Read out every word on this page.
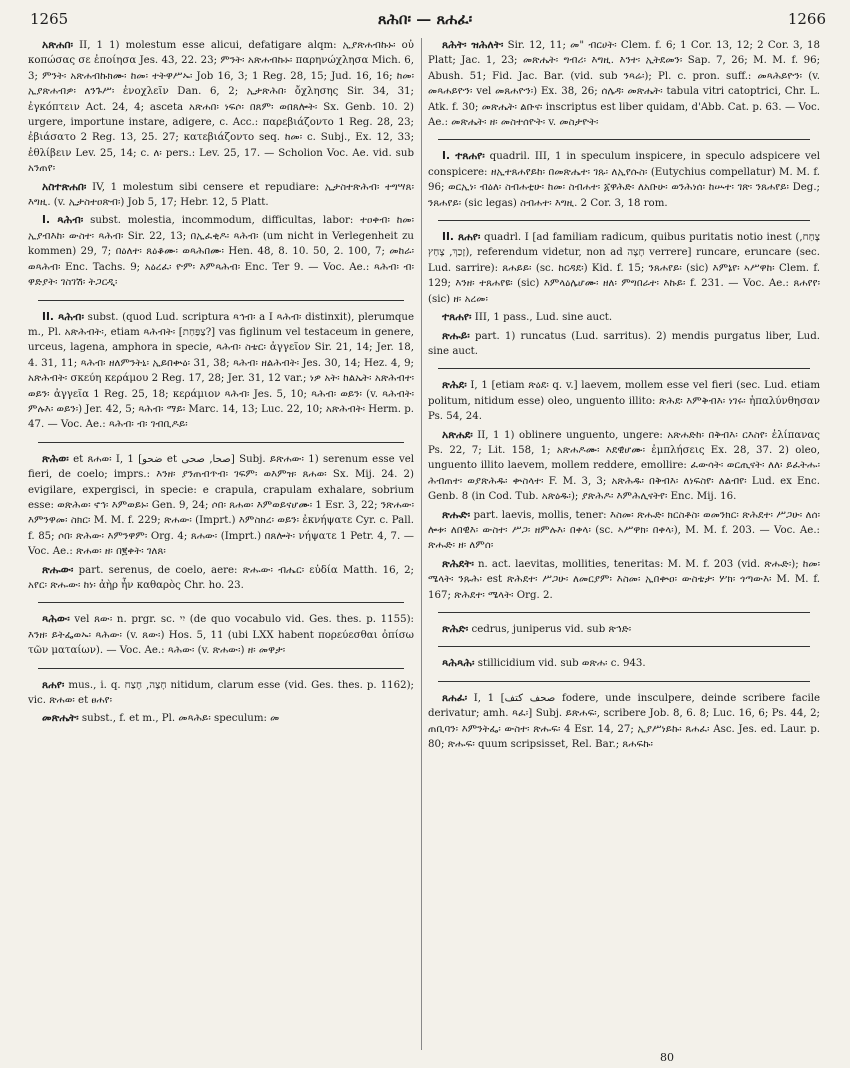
1265	ጸሕበ፡ — ጸሐፈ፡	1266

አጽሐበ፡ II, 1 1) molestum esse alicui, defatigare alqm: ኢያጽሐብኩኑ፡ οὐ κοπώσας σε ἐποίησα Jes. 43, 22. 23; ምንት፡ አጽሐብኩኑ፡ παρηνώχλησα Mich. 6, 3; ምንት፡ አጽሐብኩክሙ፡ ከመ፡ ተትዋሥኡ፡ Job 16, 3; 1 Reg. 28, 15; Jud. 16, 16; ከመ፡ ኢያጽሐብዎ፡ ለንጉሥ፡ ἐνοχλεῖν Dan. 6, 2; ኢታጽሕበ፡ ὄχλησης Sir. 34, 31; ἐγκόπτειν Act. 24, 4; asceta አጽሐበ፡ ነፍሶ፡ በጸም፡ ወበጸሎት፡ Sx. Genb. 10. 2) urgere, importune instare, adigere, c. Acc.: παρεβιάζοντο 1 Reg. 28, 23; ἐβιάσατο 2 Reg. 13, 25. 27; κατεβιάζοντο seq. ከመ፡ c. Subj., Ex. 12, 33; ἐθλίβειν Lev. 25, 14; c. ለ፡ pers.: Lev. 25, 17. — Scholion Voc. Ae. vid. sub አንጠየ፡

አስተጽሐበ፡ IV, 1 molestum sibi censere et repudiare: ኢታስተጽሕብ፡ ተግሣጸ፡ እግዚ. (v. ኢታስተዐጽብ፡) Job 5, 17; Hebr. 12, 5 Platt.

I. ጻሕብ፡ subst. molestia, incommodum, difficultas, labor: ተዐቀብ፡ ከመ፡ ኢያብእከ፡ ውስተ፡ ጻሕብ፡ Sir. 22, 13; በኢፈቂዶ፡ ጻሕብ፡ (um nicht in Verlegenheit zu kommen) 29, 7; በዕለተ፡ ጸዕቆሙ፡ ወጻሕበሙ፡ Hen. 48, 8. 10. 50, 2. 100, 7; መከራ፡ ወጻሕብ፡ Enc. Tachs. 9; አዕረፈ፡ ዮም፡ እምጻሕብ፡ Enc. Ter 9. — Voc. Ae.: ጻሕብ፡ ብ፡ ዋድያት፡ ገስገሽ፡ ትጋርዲ፡

II. ጻሕብ፡ subst. (quod Lud. scriptura ጻኅብ፡ a I ጻሕብ፡ distinxit), plerumque m., Pl. አጽሕብት፡, etiam ጻሕብት፡ [צַפַּחַת?] vas figlinum vel testaceum in genere, urceus, lagena, amphora in specie, ጻሕብ፡ ስቴር፡ ἀγγεῖον Sir. 21, 14; Jer. 18, 4. 31, 11; ጻሕብ፡ ዘለምንትኒ፡ ኢይበቍዕ፡ 31, 38; ጻሕብ፡ ዘልሕብት፡ Jes. 30, 14; Hez. 4, 9; አጽሕብት፡ σκεύη κεράμου 2 Reg. 17, 28; Jer. 31, 12 var.; ነዎ አት፡ ከልኤት፡ አጽሕብተ፡ ወይን፡ ἀγγεῖα 1 Reg. 25, 18; κεράμιον ጻሕብ፡ Jes. 5, 10; ጻሕብ፡ ወይን፡ (v. ጻሕብት፡ ምሉእ፡ ወይን፡) Jer. 42, 5; ጻሕብ፡ ማይ፡ Marc. 14, 13; Luc. 22, 10; አጽሕብት፡ Herm. p. 47. — Voc. Ae.: ጻሕብ፡ ብ፡ ገብቢዶይ፡

ጽሕወ፡ et ጸሐወ፡ I, 1 [ضحو et صحا, صحی] Subj. ይጽሐው፡ 1) serenum esse vel fieri, de coelo; imprs.: እንዘ፡ ያንጠብጥብ፡ ገፍም፡ ወእምዝ፡ ጸሐወ፡ Sx. Mij. 24. 2) evigilare, expergisci, in specie: e crapula, crapulam exhalare, sobrium esse: ወጽሕወ፡ ኖኅ፡ እምወይኑ፡ Gen. 9, 24; ሶበ፡ ጸሐወ፡ እምወይናሆሙ፡ 1 Esr. 3, 22; ንጽሐው፡ እምንዋመ፡ ስክር፡ M. M. f. 229; ጽሐው፡ (Imprt.) እምስክረ፡ ወይን፡ ἐκνήψατε Cyr. c. Pall. f. 85; ሶበ፡ ጽሕው፡ እምንዋም፡ Org. 4; ጸሐው፡ (Imprt.) በጸሎት፡ νήψατε 1 Petr. 4, 7. — Voc. Ae.: ጽሐወ፡ ዘ፡ በ፪ቀት፡ ገለጸ፡

ጽሑው፡ part. serenus, de coelo, aere: ጽሑው፡ ብሔር፡ εὐδία Matth. 16, 2; አየር፡ ጽሑው፡ ከነ፡ ἀὴρ ἦν καθαρὸς Chr. ho. 23.

ጻሕው፡ vel ጸው፡ n. prgr. sc. יִי (de quo vocabulo vid. Ges. thes. p. 1155): እንዘ፡ ይትፌወኡ፡ ጻሕው፡ (v. ጸው፡) Hos. 5, 11 (ubi LXX habent πορεύεσθαι ὀπίσω τῶν ματαίων). — Voc. Ae.: ጻሕው፡ (v. ጽሐው፡) ዘ፡ መዋታ፡

ጸሐየ፡ mus., i. q. חָצָה, חָצַח nitidum, clarum esse (vid. Ges. thes. p. 1162); vic. ጽሐወ፡ et ፀሐየ፡

መጽሔት፡ subst., f. et m., Pl. መጻሕይ፡ speculum: መ

ጸሕት፡ ዝሕለት፡ Sir. 12, 11; መ" ብርሀት፡ Clem. f. 6; 1 Cor. 13, 12; 2 Cor. 3, 18 Platt; Jac. 1, 23; መጽሔት፡ ግብሪ፡ እግዚ. እንተ፡ ኢትደመን፡ Sap. 7, 26; M. M. f. 96; Abush. 51; Fid. Jac. Bar. (vid. sub ንጻሬ፡); Pl. c. pron. suff.: መጻሕይዮን፡ (v. መጻሐይዮን፡ vel መጸሐዮን፡) Ex. 38, 26; ሰሌዳ፡ መጽሔት፡ tabula vitri catoptrici, Chr. L. Atk. f. 30; መጽሔት፡ ልቡና፡ inscriptus est liber quidam, d'Abb. Cat. p. 63. — Voc. Ae.: መጽሔት፡ ዘ፡ መስተሰዮት፡ v. መስታዮት፡

I. ተጸሐየ፡ quadril. III, 1 in speculum inspicere, in speculo adspicere vel conspicere: ዘኢተጸሐየይከ፡ በመጽሔተ፡ ገጹ፡ ለኢየሱስ፡ (Eutychius compellatur) M. M. f. 96; ወርኢነ፡ ብዕለ፡ ስብሐቲሁ፡ ከመ፡ ስብሐተ፡ ፩ዋሕድ፡ ለአቡሁ፡ ወንሕነሰ፡ ከሡተ፡ ገጽ፡ ንጸሐየይ፡ Deg.; ንጸሐየይ፡ (sic legas) ስብሐተ፡ እግዚ. 2 Cor. 3, 18 rom.

II. ጸሐየ፡ quadrl. I [ad familiam radicum, quibus puritatis notio inest (צָחַח, זָכַךְ, צָחַץ), referendum videtur, non ad חָצָה verrere] runcare, eruncare (sec. Lud. sarrire): ጸሐይይ፡ (sc. ከርዳደ፡) Kid. f. 15; ንጸሐየይ፡ (sic) እምኔየ፡ ኣሥዋከ፡ Clem. f. 129; እንዘ፡ ተጸሐየዩ፡ (sic) እምላዕሌሆሙ፡ ዘለ፡ ምግበራተ፡ እኩይ፡ f. 231. — Voc. Ae.: ጸሐየየ፡ (sic) ዘ፡ አረመ፡

ተጸሐየ፡ III, 1 pass., Lud. sine auct.

ጽሑይ፡ part. 1) runcatus (Lud. sarritus). 2) mendis purgatus liber, Lud. sine auct.

ጽሕደ፡ I, 1 [etiam ጽዕደ፡ q. v.] laevem, mollem esse vel fieri (sec. Lud. etiam politum, nitidum esse) oleo, unguento illito: ጽሕደ፡ እምቅብእ፡ ነገሩ፡ ἡπαλύνθησαν Ps. 54, 24.

አጽሐደ፡ II, 1 1) oblinere unguento, ungere: አጽሐድከ፡ በቅብእ፡ ርእስየ፡ ἐλίπανας Ps. 22, 7; Lit. 158, 1; አጽሐዶሙ፡ እደዊሆሙ፡ ἐμπλήσεις Ex. 28, 37. 2) oleo, unguento illito laevem, mollem reddere, emollire: ፈውሳት፡ ወርጢናት፡ ለለ፡ ይፈትሑ፡ ሕብጠተ፡ ወያጽሕዱ፡ ቍስላተ፡ F. M. 3, 3; አጽሕዱ፡ በቅብእ፡ ለነፍስየ፡ ለልብየ፡ Lud. ex Enc. Genb. 8 (in Cod. Tub. አጽዕዱ፡); ያጽሕዶ፡ እምሕሊናትየ፡ Enc. Mij. 16.

ጽሑድ፡ part. laevis, mollis, tener: እስመ፡ ጽሑድ፡ ክርስቶስ፡ ወመንክር፡ ጽሕደተ፡ ሥጋሁ፡ ለሰ፡ ሎቱ፡ ለበዊእ፡ ውስተ፡ ሥጋ፡ ዘምሉእ፡ በቀላ፡ (sc. ኣሥዋክ፡ በቀላ፡), M. M. f. 203. — Voc. Ae.: ጽሑድ፡ ዘ፡ ለምሰ፡

ጽሕደት፡ n. act. laevitas, mollities, teneritas: M. M. f. 203 (vid. ጽሑድ፡); ከመ፡ ሜላት፡ ንጹሕ፡ est ጽሕደተ፡ ሥጋሁ፡ ለመርያም፡ እስመ፡ ኢበቍዐ፡ ውስቴታ፡ ሦክ፡ ጎጣውእ፡ M. M. f. 167; ጽሕደተ፡ ሜላት፡ Org. 2.

ጽሕድ፡ cedrus, juniperus vid. sub ጽኅድ፡

ጻሕጻሕ፡ stillicidium vid. sub ወጽሐ፡ c. 943.

ጸሐፈ፡ I, 1 [صحف كتف fodere, unde insculpere, deinde scribere facile derivatur; amh. ጻፈ፡] Subj. ይጽሐፍ፡, scribere Job. 8, 6. 8; Luc. 16, 6; Ps. 44, 2; ጠቢባን፡ እምንትፌ፡ ውስተ፡ ጽሑፍ፡ 4 Esr. 14, 27; ኢያሥነይኩ፡ ጸሐፈ፡ Asc. Jes. ed. Laur. p. 80; ጽሑፍ፡ quum scripsisset, Rel. Bar.; ጸሐፍኩ፡

80
